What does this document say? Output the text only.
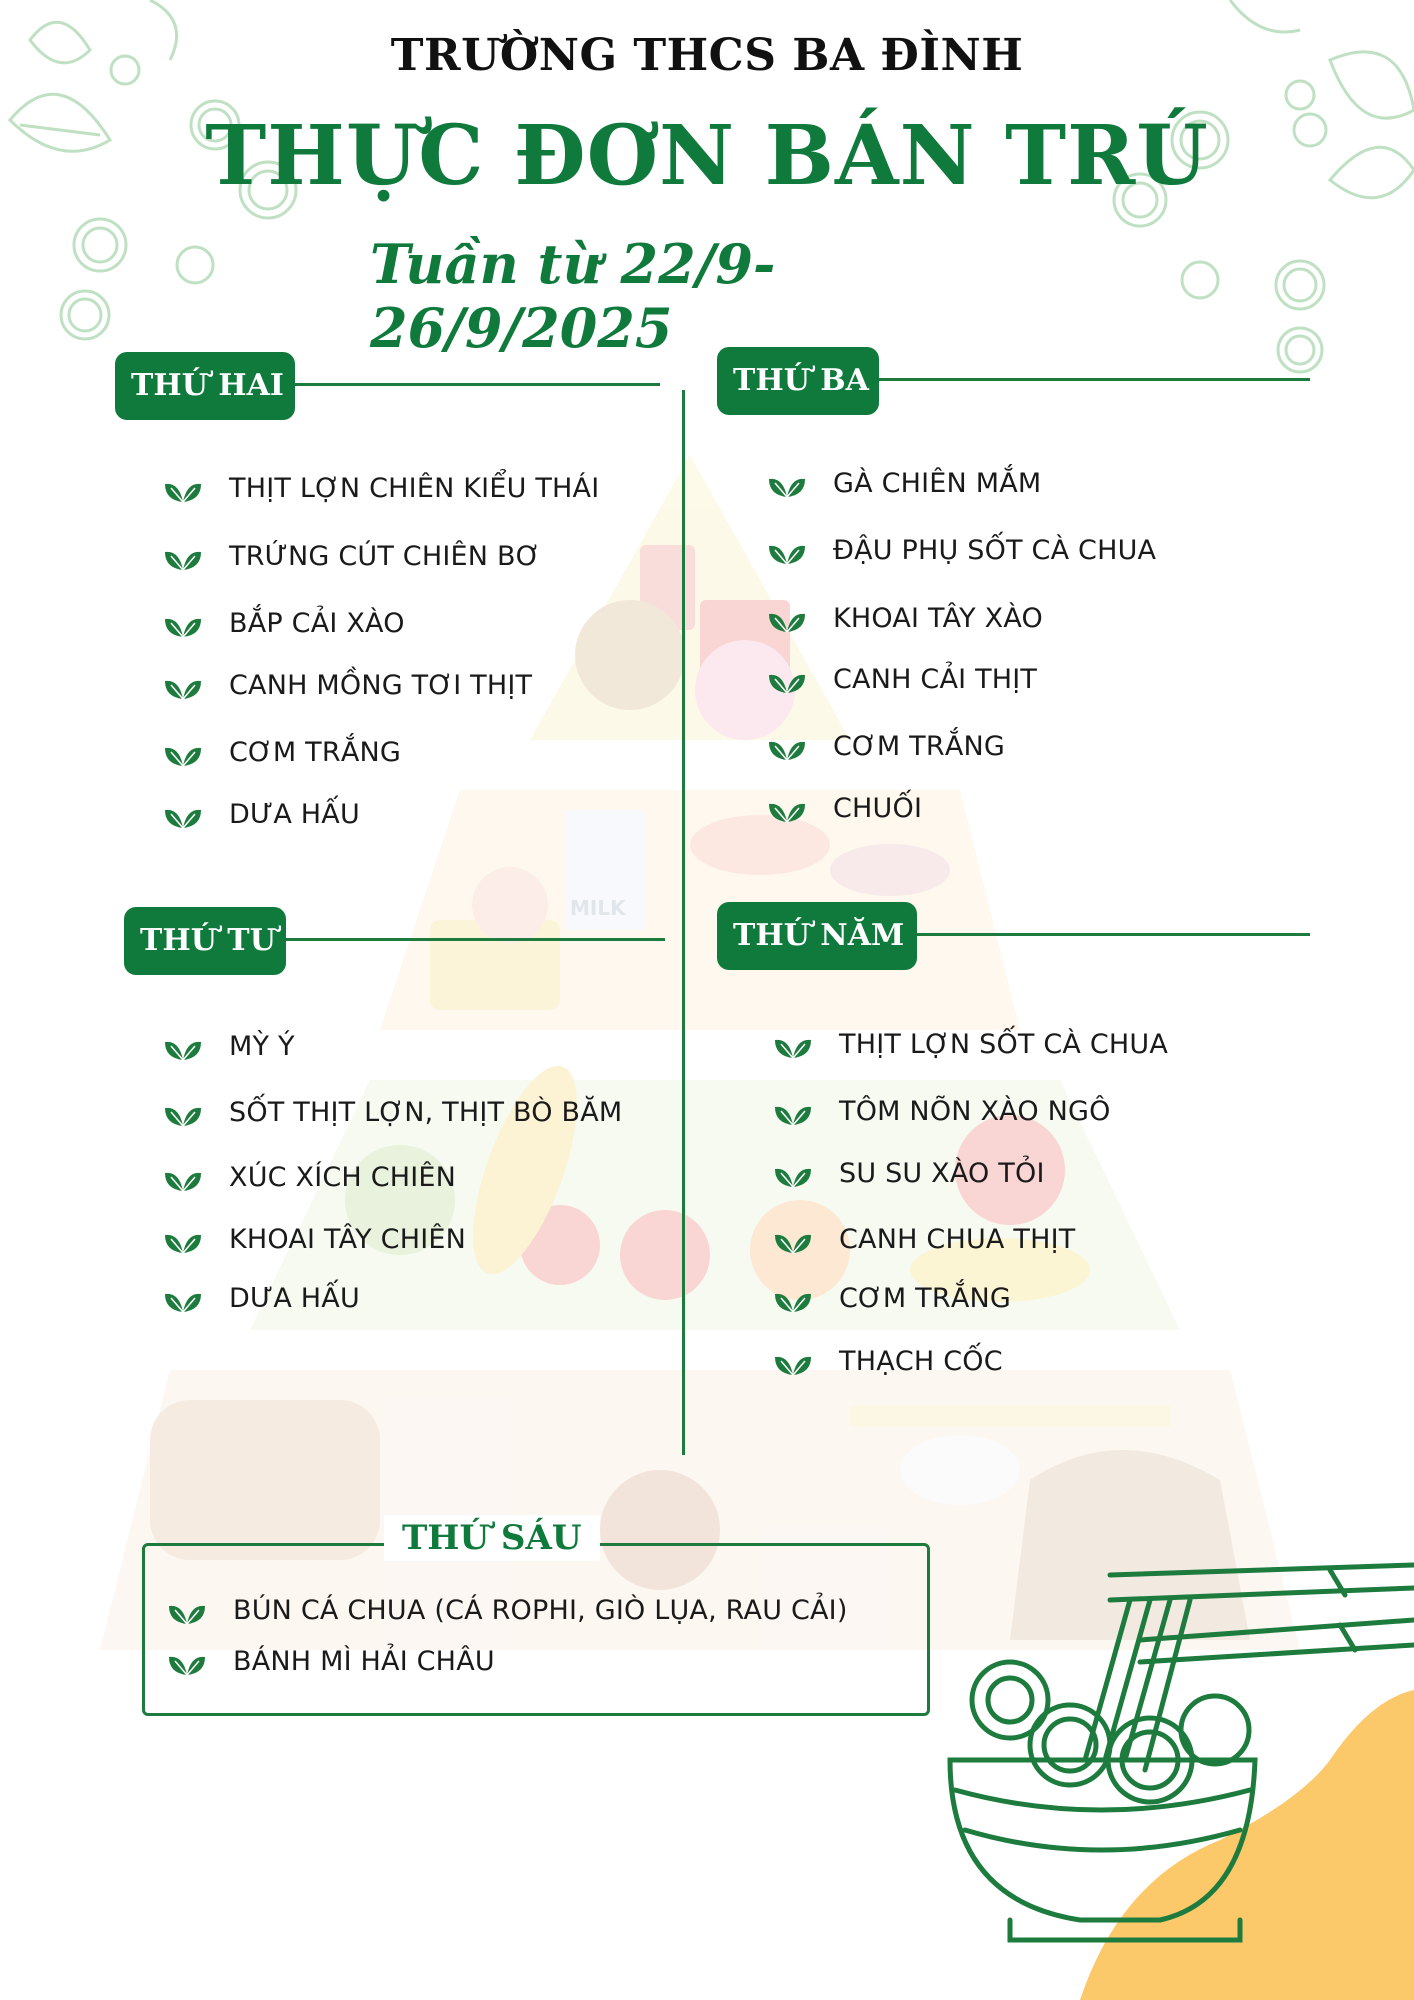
MILK
TRƯỜNG THCS BA ĐÌNH
THỰC ĐƠN BÁN TRÚ
Tuần từ 22/9- 26/9/2025
THỨ HAI
THỊT LỢN CHIÊN KIỂU THÁI
TRỨNG CÚT CHIÊN BƠ
BẮP CẢI XÀO
CANH MỒNG TƠI THỊT
CƠM TRẮNG
DƯA HẤU
THỨ BA
GÀ CHIÊN MẮM
ĐẬU PHỤ SỐT CÀ CHUA
KHOAI TÂY XÀO
CANH CẢI THỊT
CƠM TRẮNG
CHUỐI
THỨ TƯ
MỲ Ý
SỐT THỊT LỢN, THỊT BÒ BĂM
XÚC XÍCH CHIÊN
KHOAI TÂY CHIÊN
DƯA HẤU
THỨ NĂM
THỊT LỢN SỐT CÀ CHUA
TÔM NÕN XÀO NGÔ
SU SU XÀO TỎI
CANH CHUA THỊT
CƠM TRẮNG
THẠCH CỐC
THỨ SÁU
BÚN CÁ CHUA (CÁ ROPHI, GIÒ LỤA, RAU CẢI)
BÁNH MÌ HẢI CHÂU
